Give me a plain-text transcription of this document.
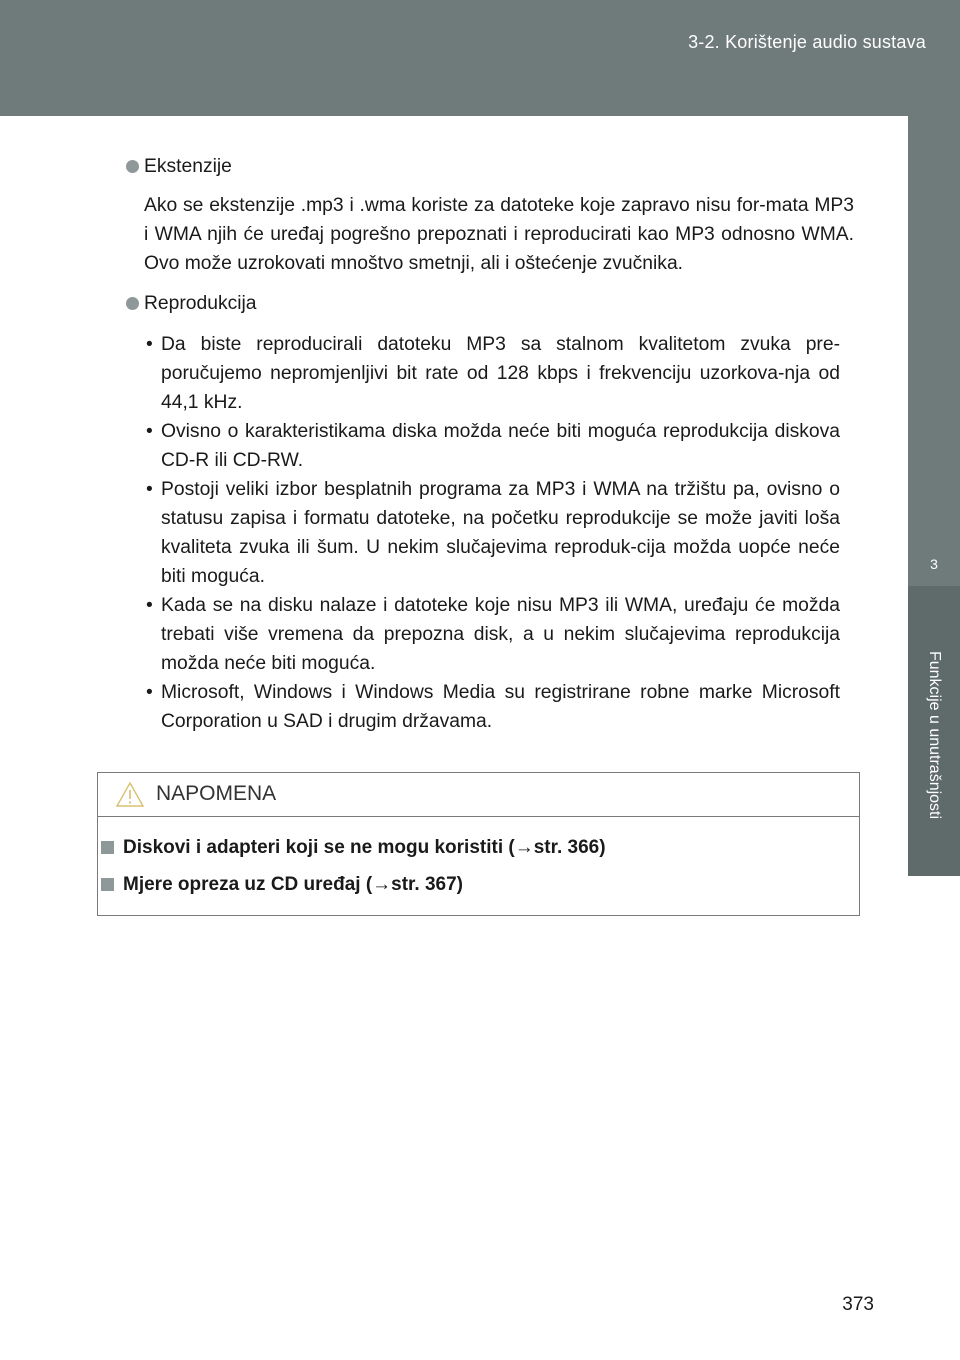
3-2. Korištenje audio sustava
3
Funkcije u unutrašnjosti
Ekstenzije

Ako se ekstenzije .mp3 i .wma koriste za datoteke koje zapravo nisu for-mata MP3 i WMA njih će uređaj pogrešno prepoznati i reproducirati kao MP3 odnosno WMA. Ovo može uzrokovati mnoštvo smetnji, ali i oštećenje zvučnika.

Reprodukcija
• Da biste reproducirali datoteku MP3 sa stalnom kvalitetom zvuka pre-poručujemo nepromjenljivi bit rate od 128 kbps i frekvenciju uzorkova-nja od 44,1 kHz.
• Ovisno o karakteristikama diska možda neće biti moguća reprodukcija diskova CD-R ili CD-RW.
• Postoji veliki izbor besplatnih programa za MP3 i WMA na tržištu pa, ovisno o statusu zapisa i formatu datoteke, na početku reprodukcije se može javiti loša kvaliteta zvuka ili šum. U nekim slučajevima reproduk-cija možda uopće neće biti moguća.
• Kada se na disku nalaze i datoteke koje nisu MP3 ili WMA, uređaju će možda trebati više vremena da prepozna disk, a u nekim slučajevima reprodukcija možda neće biti moguća.
• Microsoft, Windows i Windows Media su registrirane robne marke Microsoft Corporation u SAD i drugim državama.
NAPOMENA
Diskovi i adapteri koji se ne mogu koristiti (→str. 366)
Mjere opreza uz CD uređaj (→str. 367)
373
